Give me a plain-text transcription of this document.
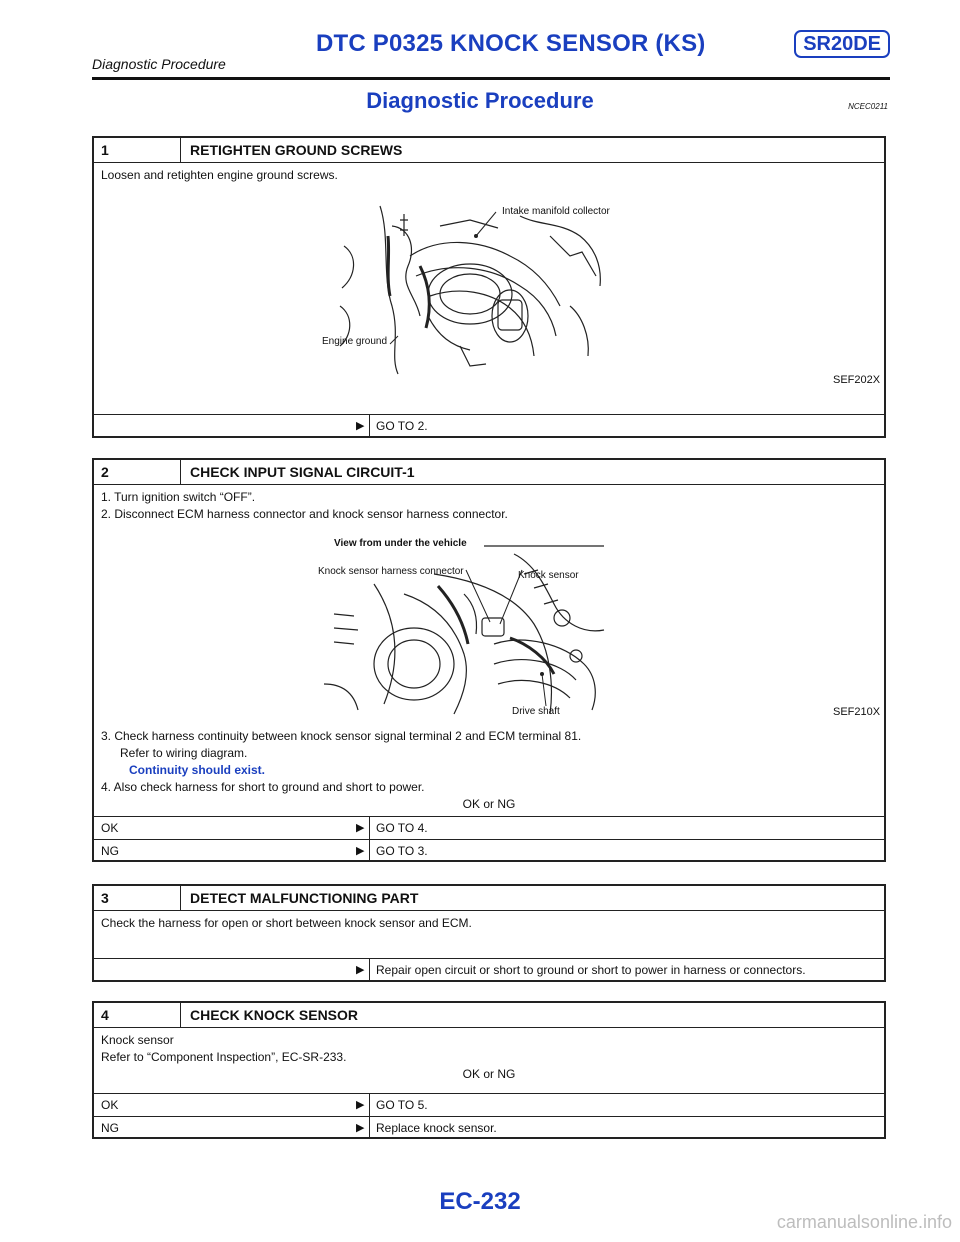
DTC P0325 KNOCK SENSOR (KS)	SR20DE
Diagnostic Procedure
Diagnostic Procedure	NCEC0211
1	RETIGHTEN GROUND SCREWS

Loosen and retighten engine ground screws.

Intake manifold collector
Engine ground
SEF202X
▶ GO TO 2.
2	CHECK INPUT SIGNAL CIRCUIT-1

1. Turn ignition switch “OFF”.

2. Disconnect ECM harness connector and knock sensor harness connector.

View from under the vehicle
Knock sensor harness connector	Knock sensor
Drive shaft	SEF210X

3. Check harness continuity between knock sensor signal terminal 2 and ECM terminal 81.

Refer to wiring diagram.

Continuity should exist.

4. Also check harness for short to ground and short to power.

OK or NG

OK	▶ GO TO 4.
NG	▶ GO TO 3.
3	DETECT MALFUNCTIONING PART

Check the harness for open or short between knock sensor and ECM.

▶ Repair open circuit or short to ground or short to power in harness or connectors.
4	CHECK KNOCK SENSOR

Knock sensor

Refer to “Component Inspection”, EC-SR-233.

OK or NG

OK	▶ GO TO 5.
NG	▶ Replace knock sensor.
EC-232
carmanualsonline.info
